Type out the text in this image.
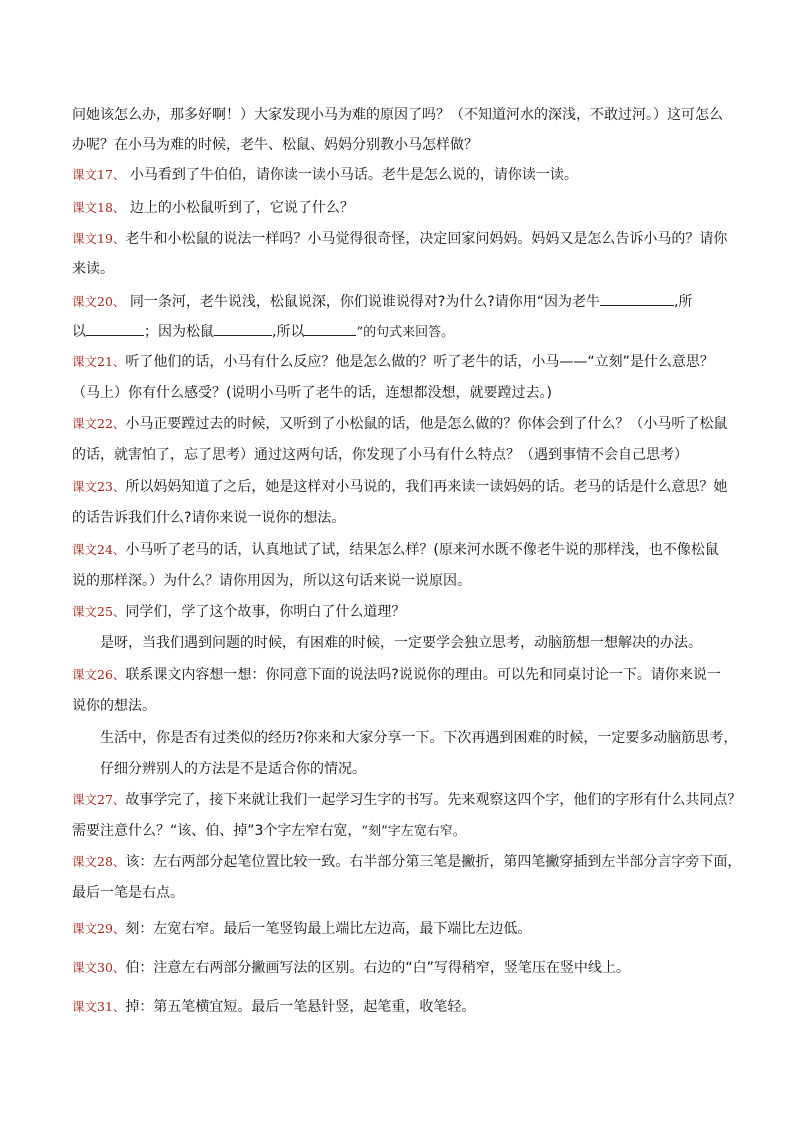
问她该怎么办，那多好啊！）大家发现小马为难的原因了吗？（不知道河水的深浅，不敢过河。）这可怎么
办呢？在小马为难的时候，老牛、松鼠、妈妈分别教小马怎样做？
课文17、 小马看到了牛伯伯，请你读一读小马话。老牛是怎么说的，请你读一读。
课文18、 边上的小松鼠听到了，它说了什么？
课文19、老牛和小松鼠的说法一样吗？小马觉得很奇怪，决定回家问妈妈。妈妈又是怎么告诉小马的？请你
来读。
课文20、 同一条河，老牛说浅，松鼠说深，你们说谁说得对?为什么?请你用“因为老牛	,所
以	；因为松鼠	,所以	”的句式来回答。
课文21、听了他们的话，小马有什么反应？他是怎么做的？听了老牛的话，小马——“立刻”是什么意思？
（马上）你有什么感受？(说明小马听了老牛的话，连想都没想，就要蹚过去。)
课文22、小马正要蹚过去的时候，又听到了小松鼠的话，他是怎么做的？你体会到了什么？（小马听了松鼠
的话，就害怕了，忘了思考）通过这两句话，你发现了小马有什么特点？（遇到事情不会自己思考）
课文23、所以妈妈知道了之后，她是这样对小马说的，我们再来读一读妈妈的话。老马的话是什么意思？她
的话告诉我们什么?请你来说一说你的想法。
课文24、小马听了老马的话，认真地试了试，结果怎么样？(原来河水既不像老牛说的那样浅，也不像松鼠
说的那样深。）为什么？请你用因为，所以这句话来说一说原因。
课文25、同学们，学了这个故事，你明白了什么道理？
是呀，当我们遇到问题的时候，有困难的时候，一定要学会独立思考，动脑筋想一想解决的办法。
课文26、联系课文内容想一想：你同意下面的说法吗?说说你的理由。可以先和同桌讨论一下。请你来说一
说你的想法。
生活中，你是否有过类似的经历?你来和大家分享一下。下次再遇到困难的时候，一定要多动脑筋思考，
仔细分辨别人的方法是不是适合你的情况。
课文27、故事学完了，接下来就让我们一起学习生字的书写。先来观察这四个字，他们的字形有什么共同点？
需要注意什么？“该、伯、掉”3个字左窄右宽，“刻”字左宽右窄。
课文28、该：左右两部分起笔位置比较一致。右半部分第三笔是撇折，第四笔撇穿插到左半部分言字旁下面，
最后一笔是右点。
课文29、刻：左宽右窄。最后一笔竖钩最上端比左边高，最下端比左边低。
课文30、伯：注意左右两部分撇画写法的区别。右边的“白”写得稍窄，竖笔压在竖中线上。
课文31、掉：第五笔横宜短。最后一笔悬针竖，起笔重，收笔轻。
